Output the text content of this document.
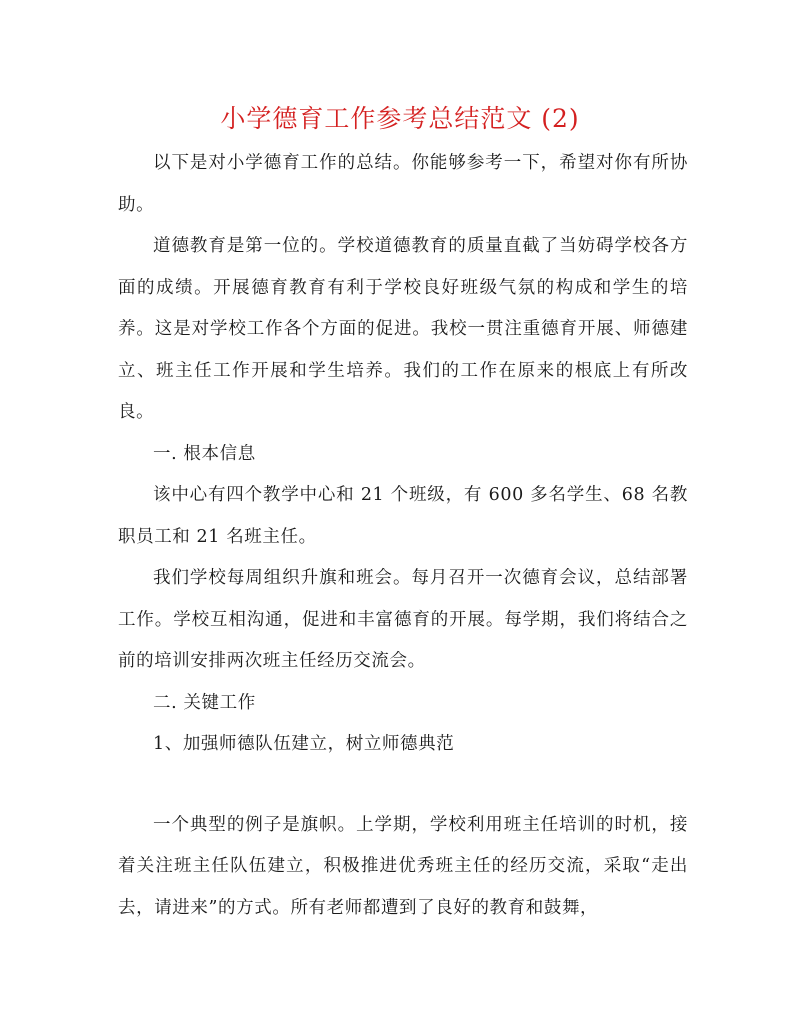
小学德育工作参考总结范文 (2)

以下是对小学德育工作的总结。你能够参考一下，希望对你有所协助。

道德教育是第一位的。学校道德教育的质量直截了当妨碍学校各方面的成绩。开展德育教育有利于学校良好班级气氛的构成和学生的培养。这是对学校工作各个方面的促进。我校一贯注重德育开展、师德建立、班主任工作开展和学生培养。我们的工作在原来的根底上有所改良。

一. 根本信息

该中心有四个教学中心和 21 个班级，有 600 多名学生、68 名教职员工和 21 名班主任。

我们学校每周组织升旗和班会。每月召开一次德育会议，总结部署工作。学校互相沟通，促进和丰富德育的开展。每学期，我们将结合之前的培训安排两次班主任经历交流会。

二. 关键工作

1、加强师德队伍建立，树立师德典范

一个典型的例子是旗帜。上学期，学校利用班主任培训的时机，接着关注班主任队伍建立，积极推进优秀班主任的经历交流，采取“走出去，请进来”的方式。所有老师都遭到了良好的教育和鼓舞，
